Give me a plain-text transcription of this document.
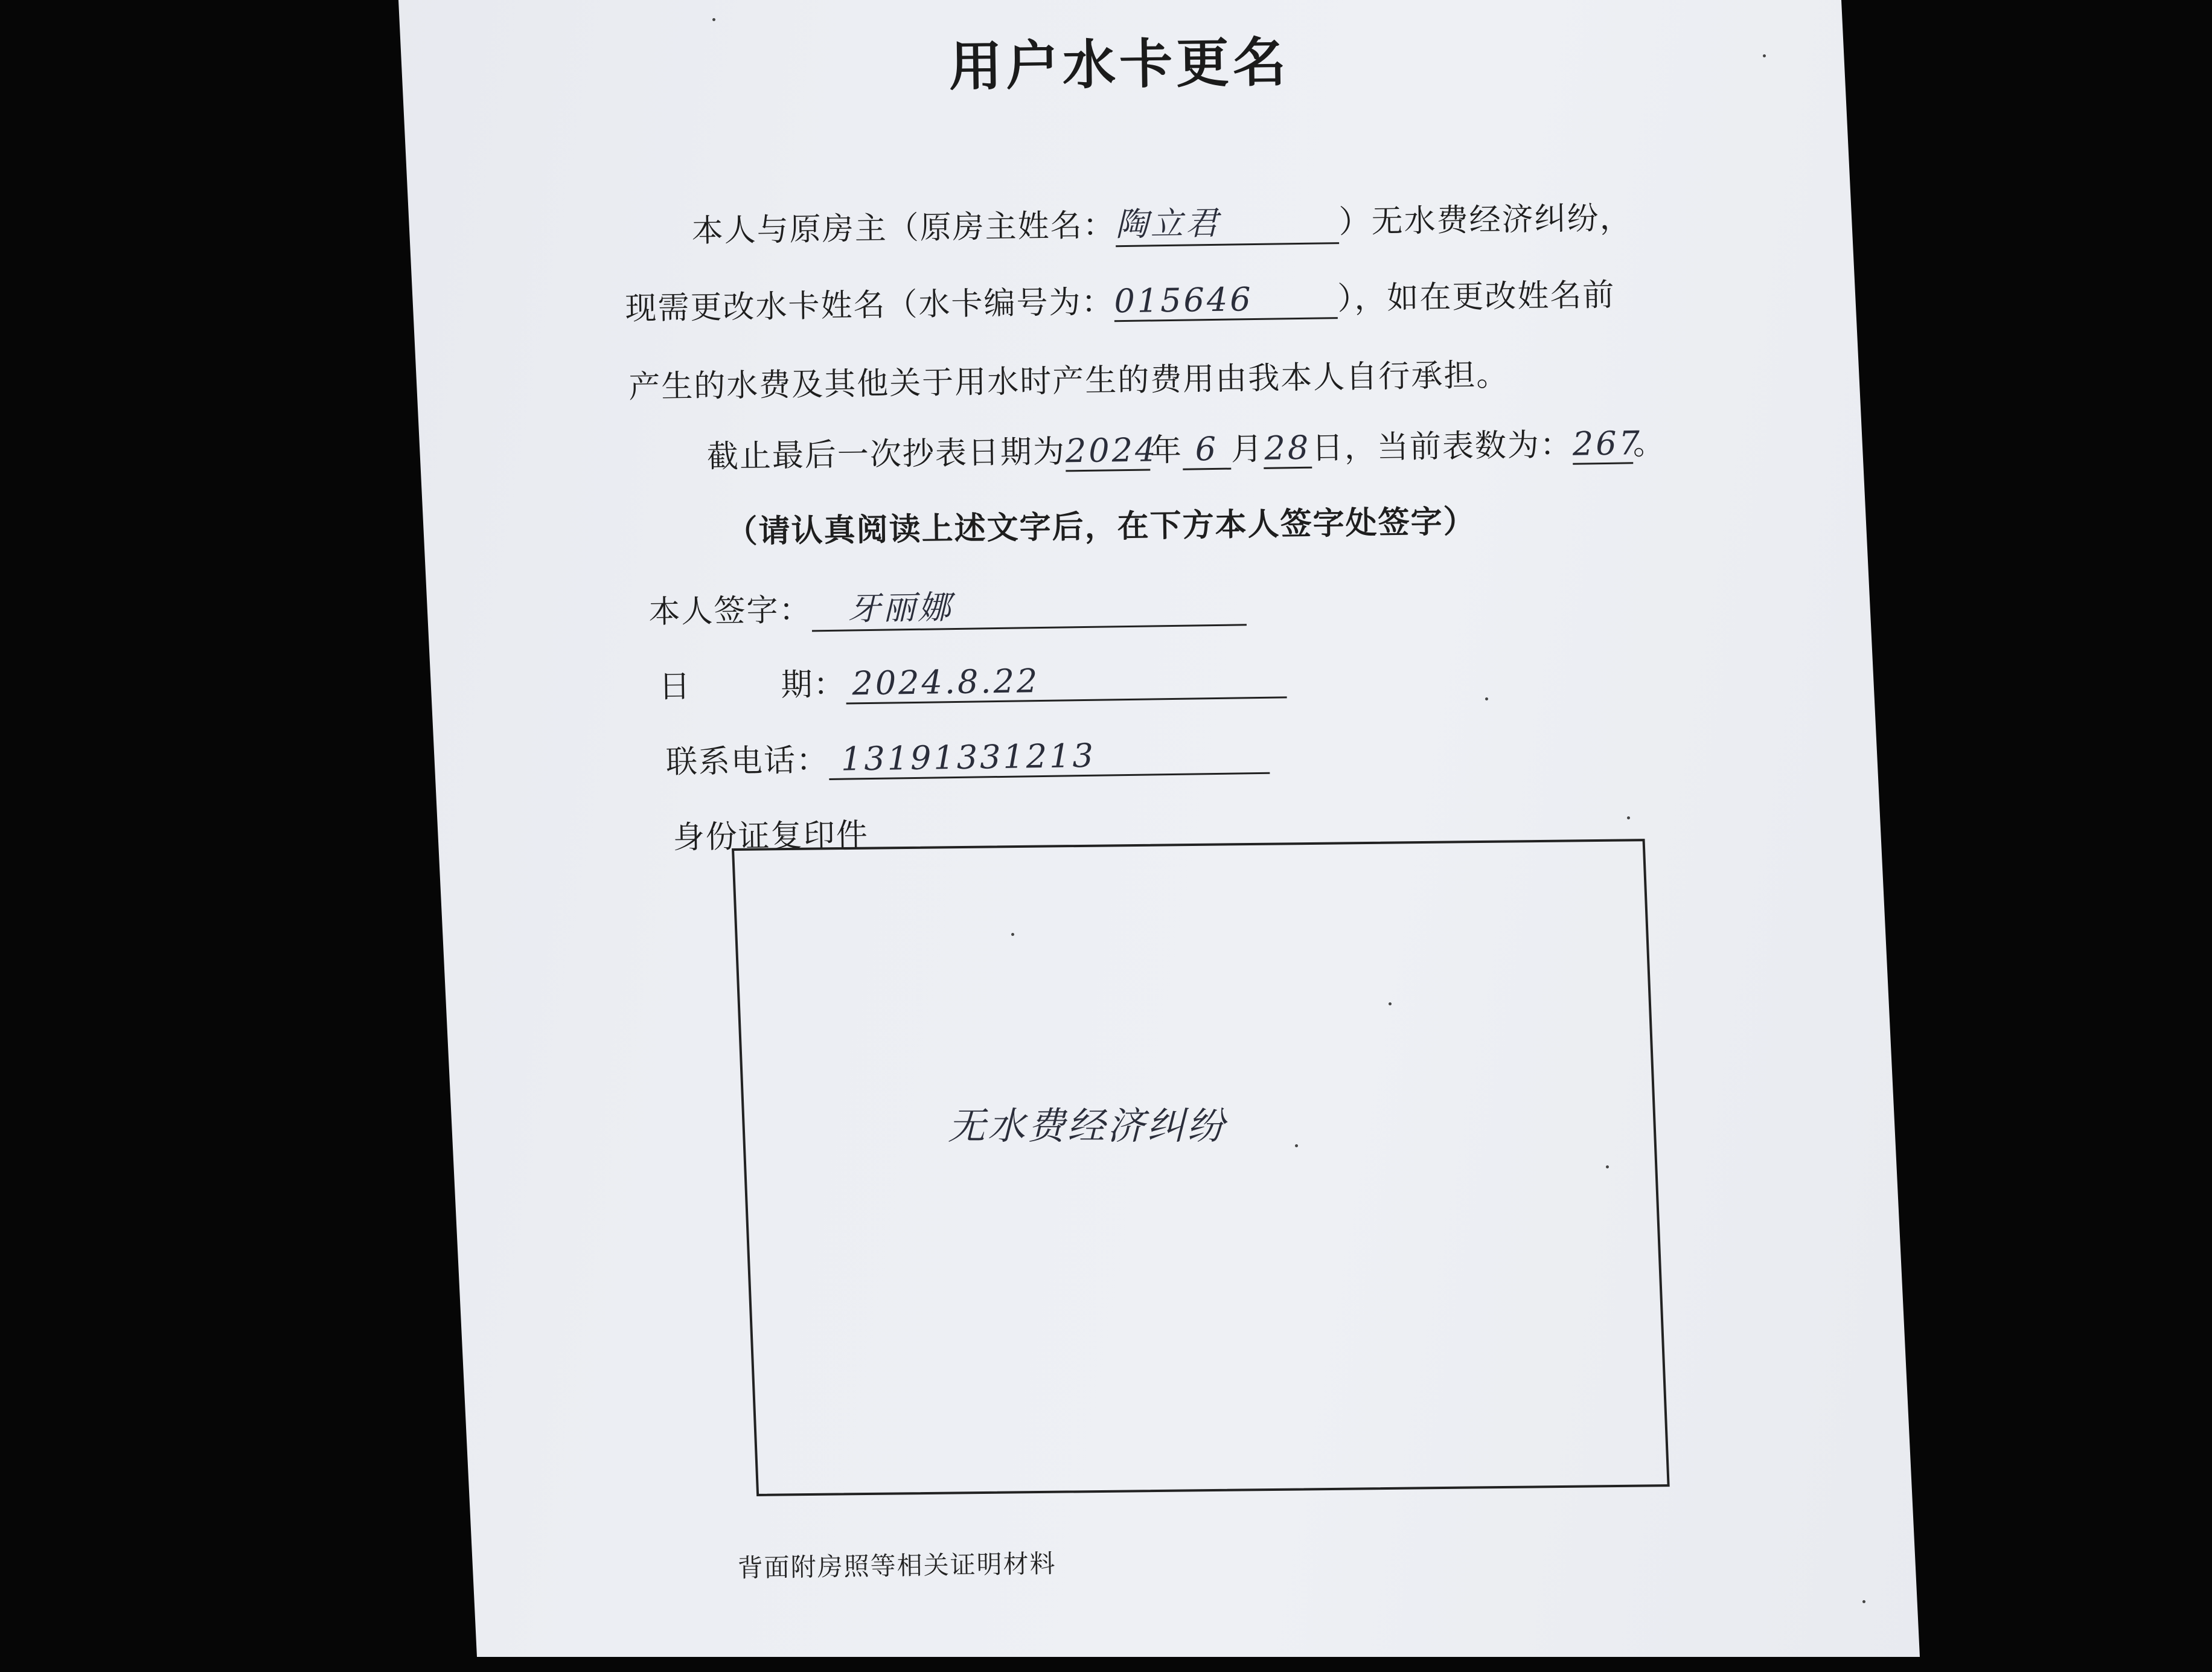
用户水卡更名
本人与原房主（原房主姓名：陶立君	）无水费经济纠纷，
现需更改水卡姓名（水卡编号为：015646	），如在更改姓名前
产生的水费及其他关于用水时产生的费用由我本人自行承担。
截止最后一次抄表日期为2024年 6 月28日，当前表数为：267。
（请认真阅读上述文字后，在下方本人签字处签字）
本人签字： 牙丽娜
日        期： 2024.8.22
联系电话： 13191331213
身份证复印件
背面附房照等相关证明材料
无水费经济纠纷
